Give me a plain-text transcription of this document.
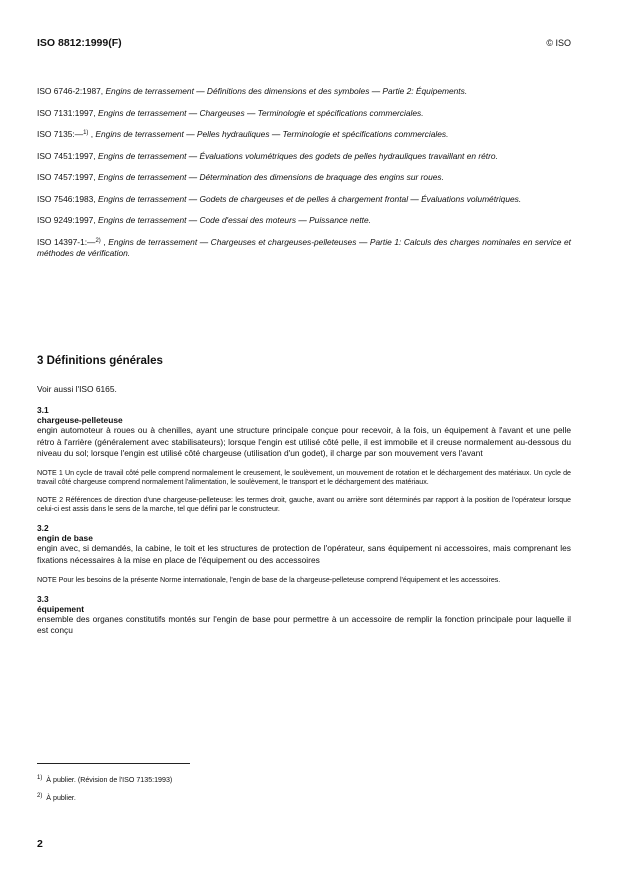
ISO 8812:1999(F)	© ISO

ISO 6746-2:1987, Engins de terrassement — Définitions des dimensions et des symboles — Partie 2: Équipements.

ISO 7131:1997, Engins de terrassement — Chargeuses — Terminologie et spécifications commerciales.

ISO 7135:—$^{1)}$ , Engins de terrassement — Pelles hydrauliques — Terminologie et spécifications commerciales.

ISO 7451:1997, Engins de terrassement — Évaluations volumétriques des godets de pelles hydrauliques travaillant en rétro.

ISO 7457:1997, Engins de terrassement — Détermination des dimensions de braquage des engins sur roues.

ISO 7546:1983, Engins de terrassement — Godets de chargeuses et de pelles à chargement frontal — Évaluations volumétriques.

ISO 9249:1997, Engins de terrassement — Code d'essai des moteurs — Puissance nette.

ISO 14397-1:—$^{2)}$ , Engins de terrassement — Chargeuses et chargeuses-pelleteuses — Partie 1: Calculs des charges nominales en service et méthodes de vérification.

3 Définitions générales

Voir aussi l'ISO 6165.

3.1

chargeuse-pelleteuse

engin automoteur à roues ou à chenilles, ayant une structure principale conçue pour recevoir, à la fois, un équipement à l'avant et une pelle rétro à l'arrière (généralement avec stabilisateurs); lorsque l'engin est utilisé côté pelle, il est immobile et il creuse normalement au-dessous du niveau du sol; lorsque l'engin est utilisé côté chargeuse (utilisation d'un godet), il charge par son mouvement vers l'avant

NOTE 1 Un cycle de travail côté pelle comprend normalement le creusement, le soulèvement, un mouvement de rotation et le déchargement des matériaux. Un cycle de travail côté chargeuse comprend normalement l'alimentation, le soulèvement, le transport et le déchargement des matériaux.

NOTE 2 Références de direction d'une chargeuse-pelleteuse: les termes droit, gauche, avant ou arrière sont déterminés par rapport à la position de l'opérateur lorsque celui-ci est assis dans le sens de la marche, tel que défini par le constructeur.

3.2

engin de base

engin avec, si demandés, la cabine, le toit et les structures de protection de l'opérateur, sans équipement ni accessoires, mais comprenant les fixations nécessaires à la mise en place de l'équipement ou des accessoires

NOTE Pour les besoins de la présente Norme internationale, l'engin de base de la chargeuse-pelleteuse comprend l'équipement et les accessoires.

3.3

équipement

ensemble des organes constitutifs montés sur l'engin de base pour permettre à un accessoire de remplir la fonction principale pour laquelle il est conçu

$^{1)}$ À publier. (Révision de l'ISO 7135:1993)

$^{2)}$ À publier.

2
